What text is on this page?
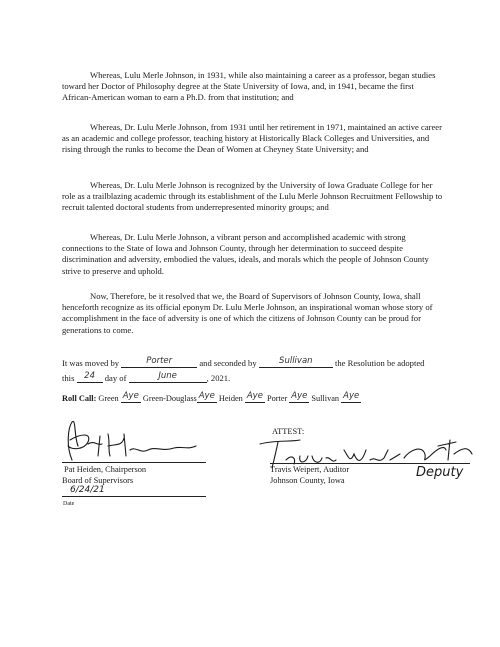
Whereas, Lulu Merle Johnson, in 1931, while also maintaining a career as a professor, began studies toward her Doctor of Philosophy degree at the State University of Iowa, and, in 1941, became the first African-American woman to earn a Ph.D. from that institution; and

Whereas, Dr. Lulu Merle Johnson, from 1931 until her retirement in 1971, maintained an active career as an academic and college professor, teaching history at Historically Black Colleges and Universities, and rising through the runks to become the Dean of Women at Cheyney State University; and

Whereas, Dr. Lulu Merle Johnson is recognized by the University of Iowa Graduate College for her role as a trailblazing academic through its establishment of the Lulu Merle Johnson Recruitment Fellowship to recruit talented doctoral students from underrepresented minority groups; and

Whereas, Dr. Lulu Merle Johnson, a vibrant person and accomplished academic with strong connections to the State of Iowa and Johnson County, through her determination to succeed despite discrimination and adversity, embodied the values, ideals, and morals which the people of Johnson County strive to preserve and uphold.

Now, Therefore, be it resolved that we, the Board of Supervisors of Johnson County, Iowa, shall henceforth recognize as its official eponym Dr. Lulu Merle Johnson, an inspirational woman whose story of accomplishment in the face of adversity is one of which the citizens of Johnson County can be proud for generations to come.

It was moved by	Porter	and seconded by	Sullivan	the Resolution be adopted
this 24 day of	June	, 2021.
Roll Call: Green Aye Green-Douglass Aye Heiden Aye Porter Aye Sullivan Aye
Pat Heiden, Chairperson
Board of Supervisors
6/24/21
Date
ATTEST:
Travis Weipert, Auditor
Johnson County, Iowa
Deputy
